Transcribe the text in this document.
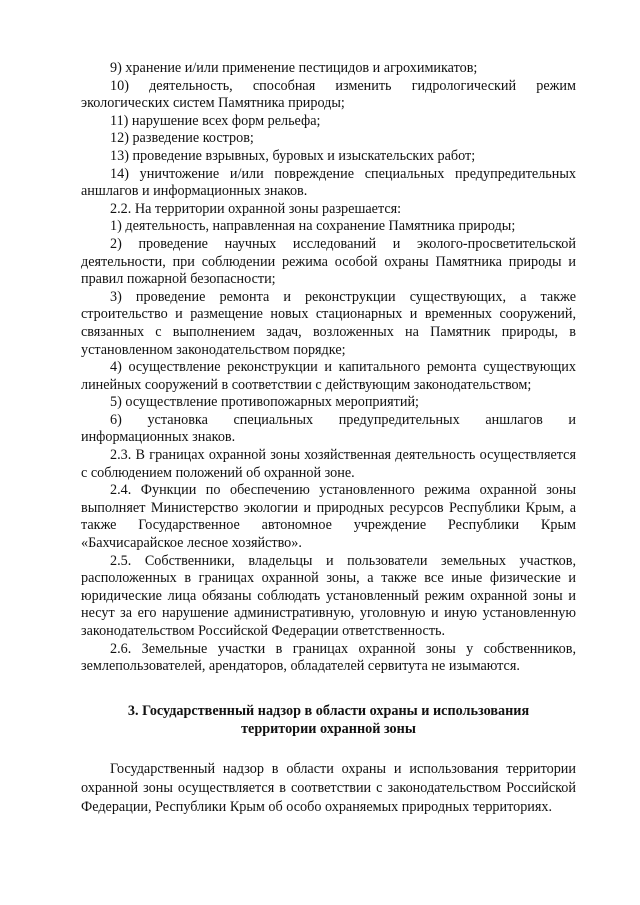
9) хранение и/или применение пестицидов и агрохимикатов;

10) деятельность, способная изменить гидрологический режим экологических систем Памятника природы;

11) нарушение всех форм рельефа;

12) разведение костров;

13) проведение взрывных, буровых и изыскательских работ;

14) уничтожение и/или повреждение специальных предупредительных аншлагов и информационных знаков.

2.2. На территории охранной зоны разрешается:

1) деятельность, направленная на сохранение Памятника природы;

2) проведение научных исследований и эколого-просветительской деятельности, при соблюдении режима особой охраны Памятника природы и правил пожарной безопасности;

3) проведение ремонта и реконструкции существующих, а также строительство и размещение новых стационарных и временных сооружений, связанных с выполнением задач, возложенных на Памятник природы, в установленном законодательством порядке;

4) осуществление реконструкции и капитального ремонта существующих линейных сооружений в соответствии с действующим законодательством;

5) осуществление противопожарных мероприятий;

6) установка специальных предупредительных аншлагов и информационных знаков.

2.3. В границах охранной зоны хозяйственная деятельность осуществляется с соблюдением положений об охранной зоне.

2.4. Функции по обеспечению установленного режима охранной зоны выполняет Министерство экологии и природных ресурсов Республики Крым, а также Государственное автономное учреждение Республики Крым «Бахчисарайское лесное хозяйство».

2.5. Собственники, владельцы и пользователи земельных участков, расположенных в границах охранной зоны, а также все иные физические и юридические лица обязаны соблюдать установленный режим охранной зоны и несут за его нарушение административную, уголовную и иную установленную законодательством Российской Федерации ответственность.

2.6. Земельные участки в границах охранной зоны у собственников, землепользователей, арендаторов, обладателей сервитута не изымаются.

3. Государственный надзор в области охраны и использования
территории охранной зоны

Государственный надзор в области охраны и использования территории охранной зоны осуществляется в соответствии с законодательством Российской Федерации, Республики Крым об особо охраняемых природных территориях.
